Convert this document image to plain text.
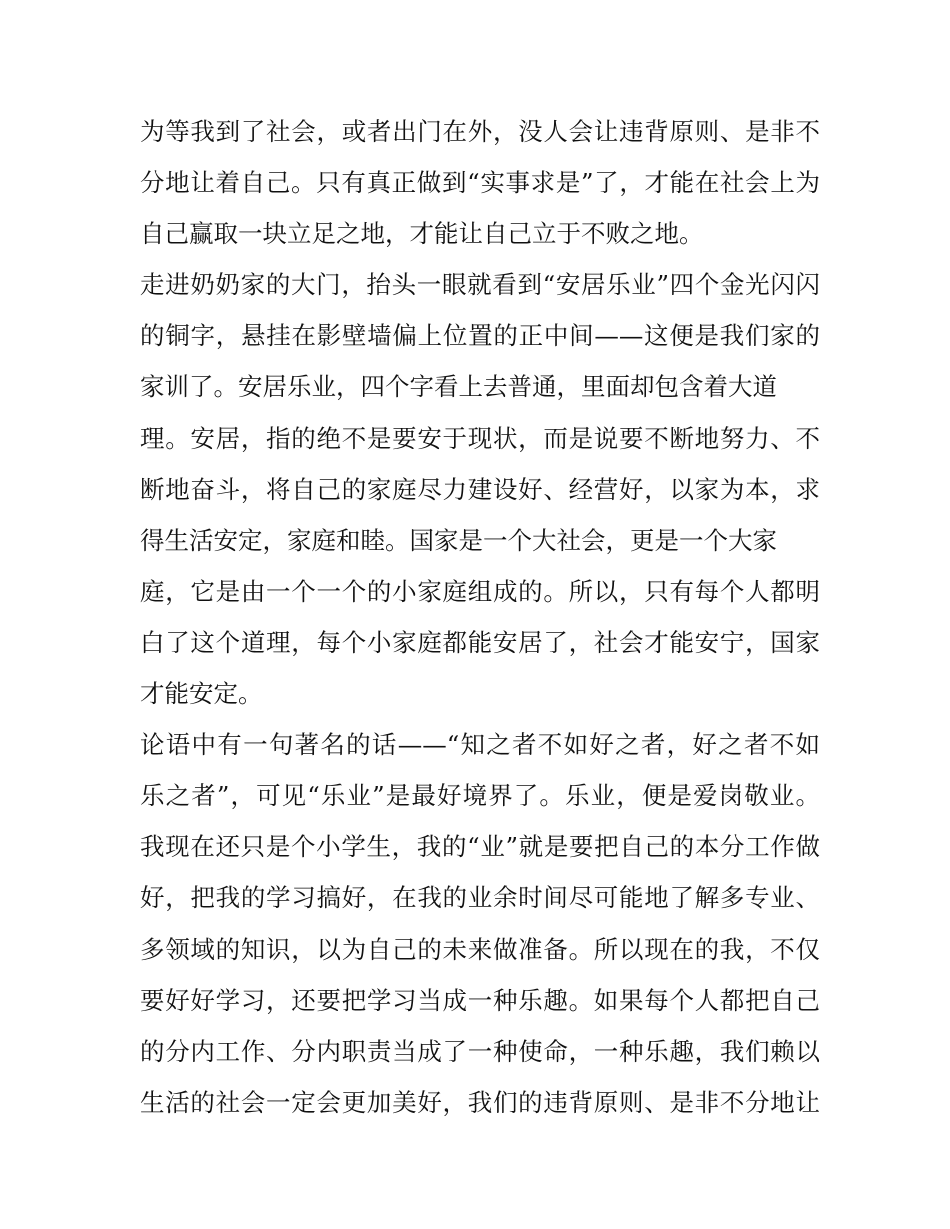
为等我到了社会，或者出门在外，没人会让违背原则、是非不
分地让着自己。只有真正做到“实事求是”了，才能在社会上为
自己赢取一块立足之地，才能让自己立于不败之地。
走进奶奶家的大门，抬头一眼就看到“安居乐业”四个金光闪闪
的铜字，悬挂在影壁墙偏上位置的正中间——这便是我们家的
家训了。安居乐业，四个字看上去普通，里面却包含着大道
理。安居，指的绝不是要安于现状，而是说要不断地努力、不
断地奋斗，将自己的家庭尽力建设好、经营好，以家为本，求
得生活安定，家庭和睦。国家是一个大社会，更是一个大家
庭，它是由一个一个的小家庭组成的。所以，只有每个人都明
白了这个道理，每个小家庭都能安居了，社会才能安宁，国家
才能安定。
论语中有一句著名的话——“知之者不如好之者，好之者不如
乐之者”，可见“乐业”是最好境界了。乐业，便是爱岗敬业。
我现在还只是个小学生，我的“业”就是要把自己的本分工作做
好，把我的学习搞好，在我的业余时间尽可能地了解多专业、
多领域的知识，以为自己的未来做准备。所以现在的我，不仅
要好好学习，还要把学习当成一种乐趣。如果每个人都把自己
的分内工作、分内职责当成了一种使命，一种乐趣，我们赖以
生活的社会一定会更加美好，我们的违背原则、是非不分地让
